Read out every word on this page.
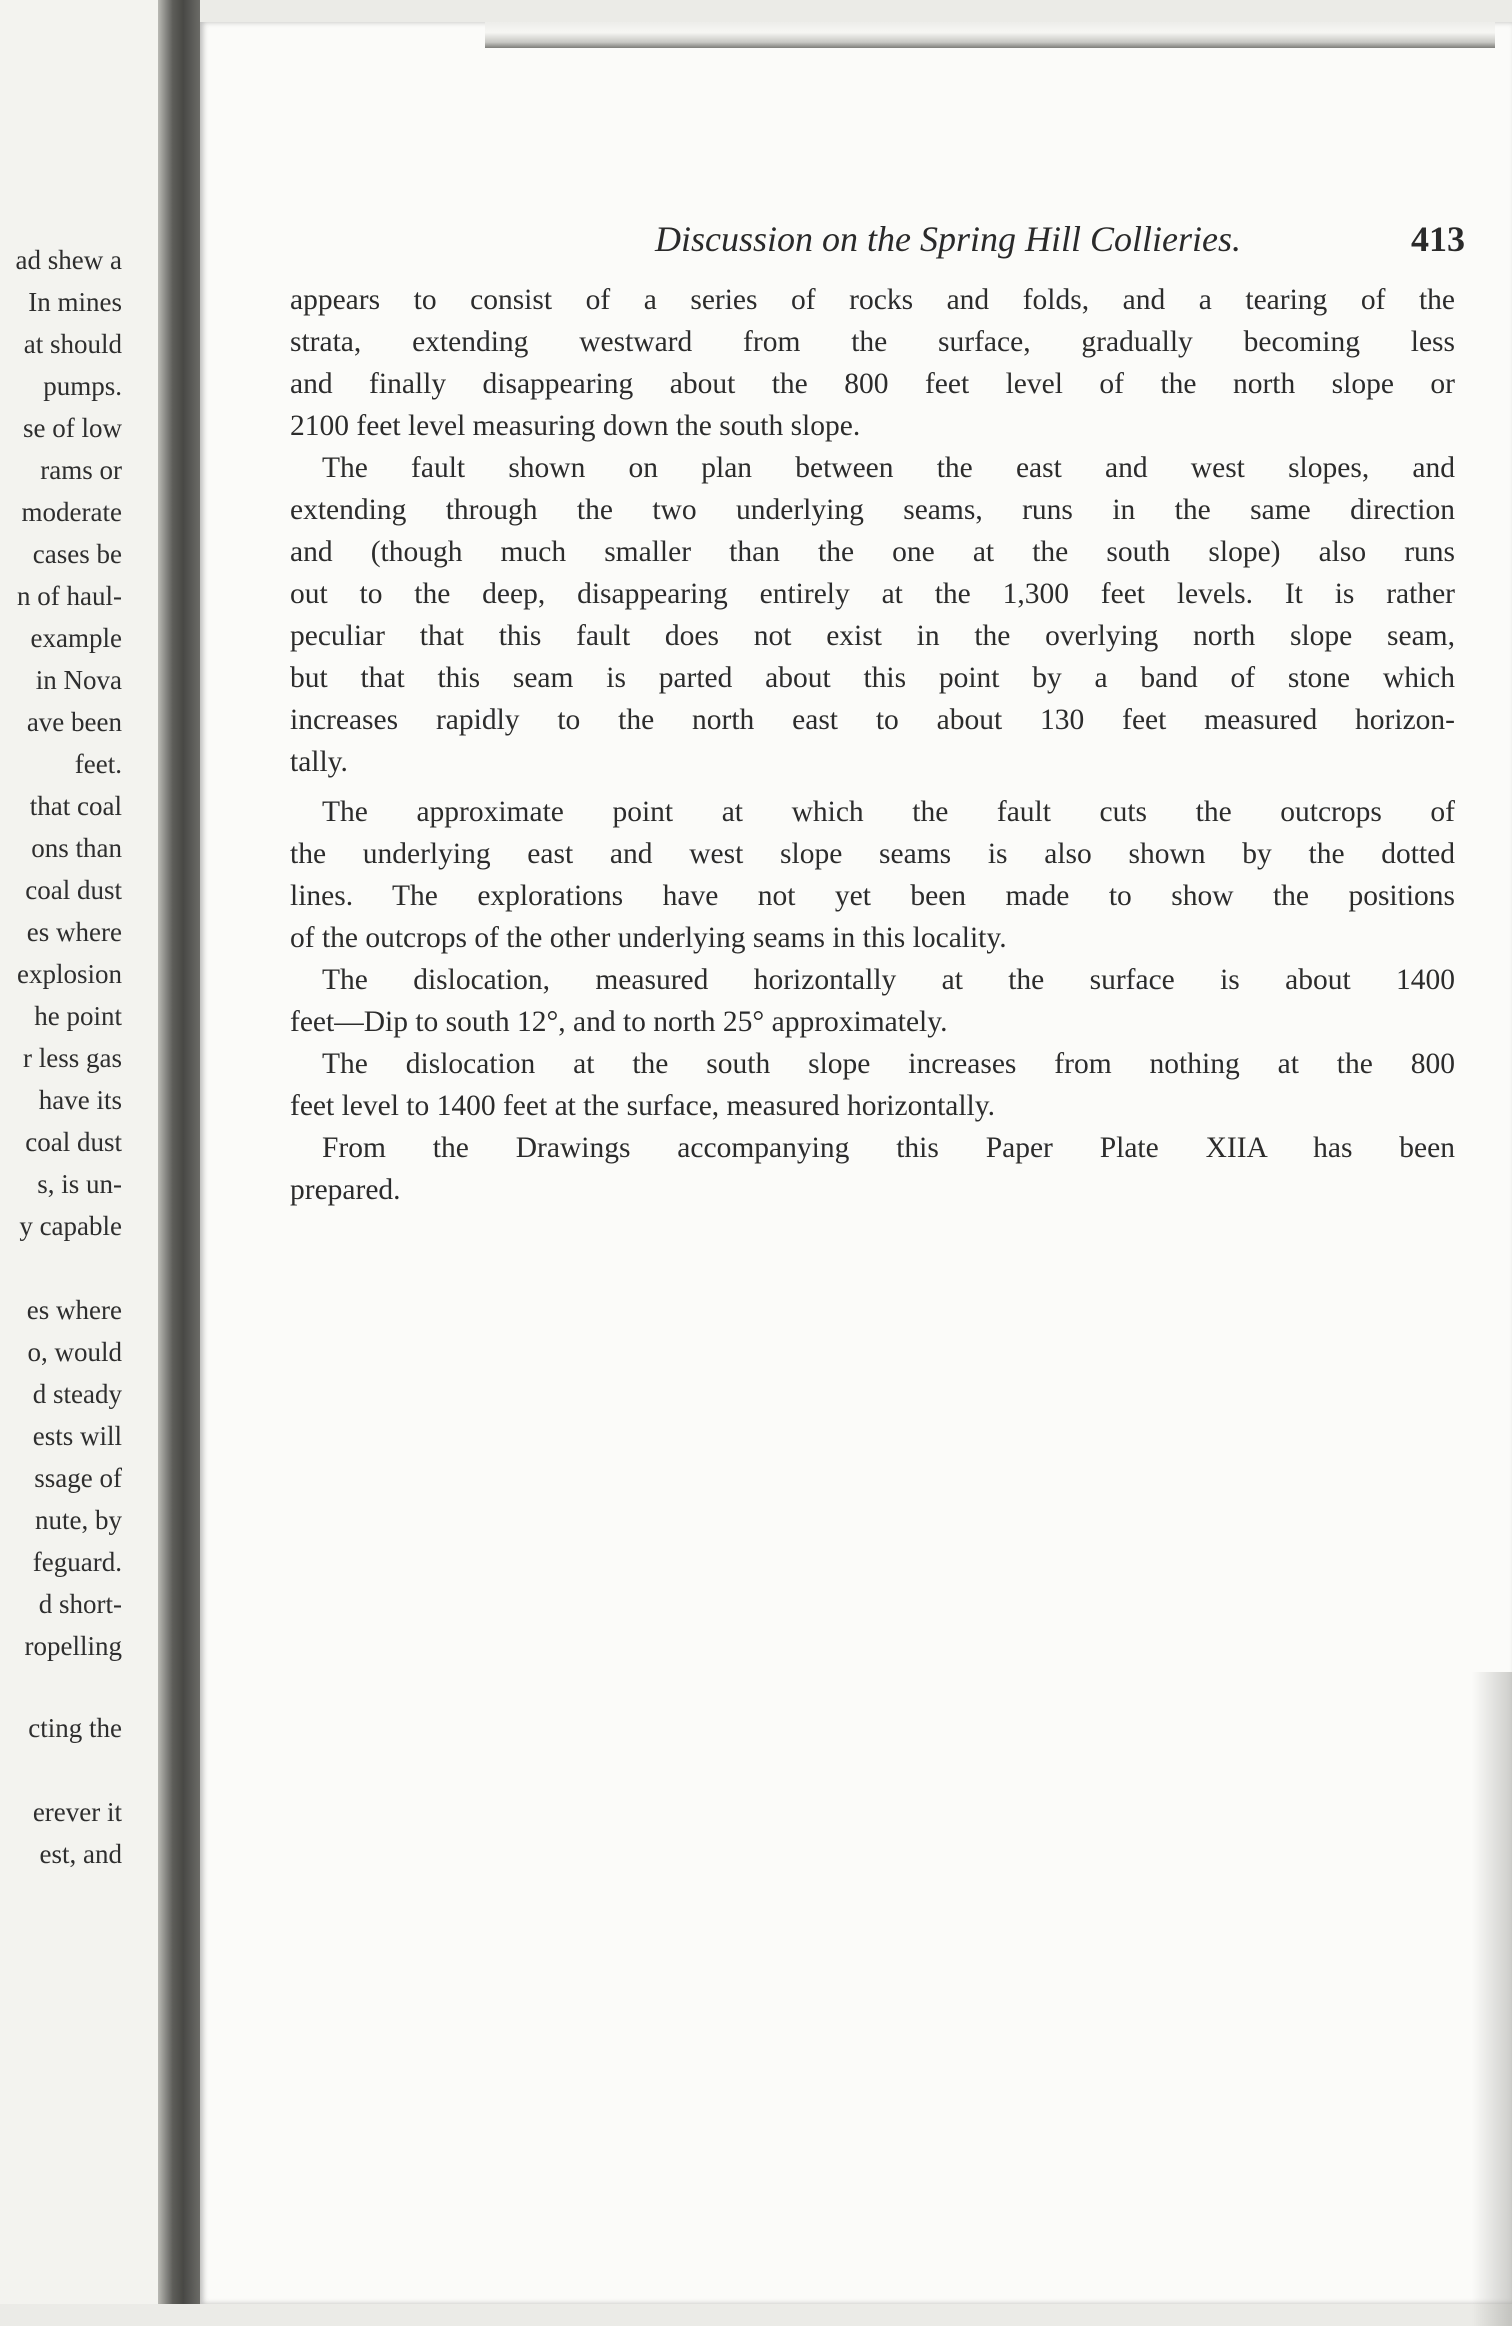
ad shew a
In mines
at should
pumps.
se of low
rams or
moderate
cases be
n of haul-
example
in Nova
ave been
feet.
that coal
ons than
coal dust
es where
explosion
he point
r less gas
have its
coal dust
s, is un-
y capable
es where
o, would
d steady
ests will
ssage of
nute, by
feguard.
d short-
ropelling
cting the
erever it
est, and
Discussion on the Spring Hill Collieries.	413
appears to consist of a series of rocks and folds, and a tearing of the
strata, extending westward from the surface, gradually becoming less
and finally disappearing about the 800 feet level of the north slope or
2100 feet level measuring down the south slope.
The fault shown on plan between the east and west slopes, and
extending through the two underlying seams, runs in the same direction
and (though much smaller than the one at the south slope) also runs
out to the deep, disappearing entirely at the 1,300 feet levels. It is rather
peculiar that this fault does not exist in the overlying north slope seam,
but that this seam is parted about this point by a band of stone which
increases rapidly to the north east to about 130 feet measured horizon-
tally.
The approximate point at which the fault cuts the outcrops of
the underlying east and west slope seams is also shown by the dotted
lines. The explorations have not yet been made to show the positions
of the outcrops of the other underlying seams in this locality.
The dislocation, measured horizontally at the surface is about 1400
feet—Dip to south 12°, and to north 25° approximately.
The dislocation at the south slope increases from nothing at the 800
feet level to 1400 feet at the surface, measured horizontally.
From the Drawings accompanying this Paper Plate XIIA has been
prepared.
